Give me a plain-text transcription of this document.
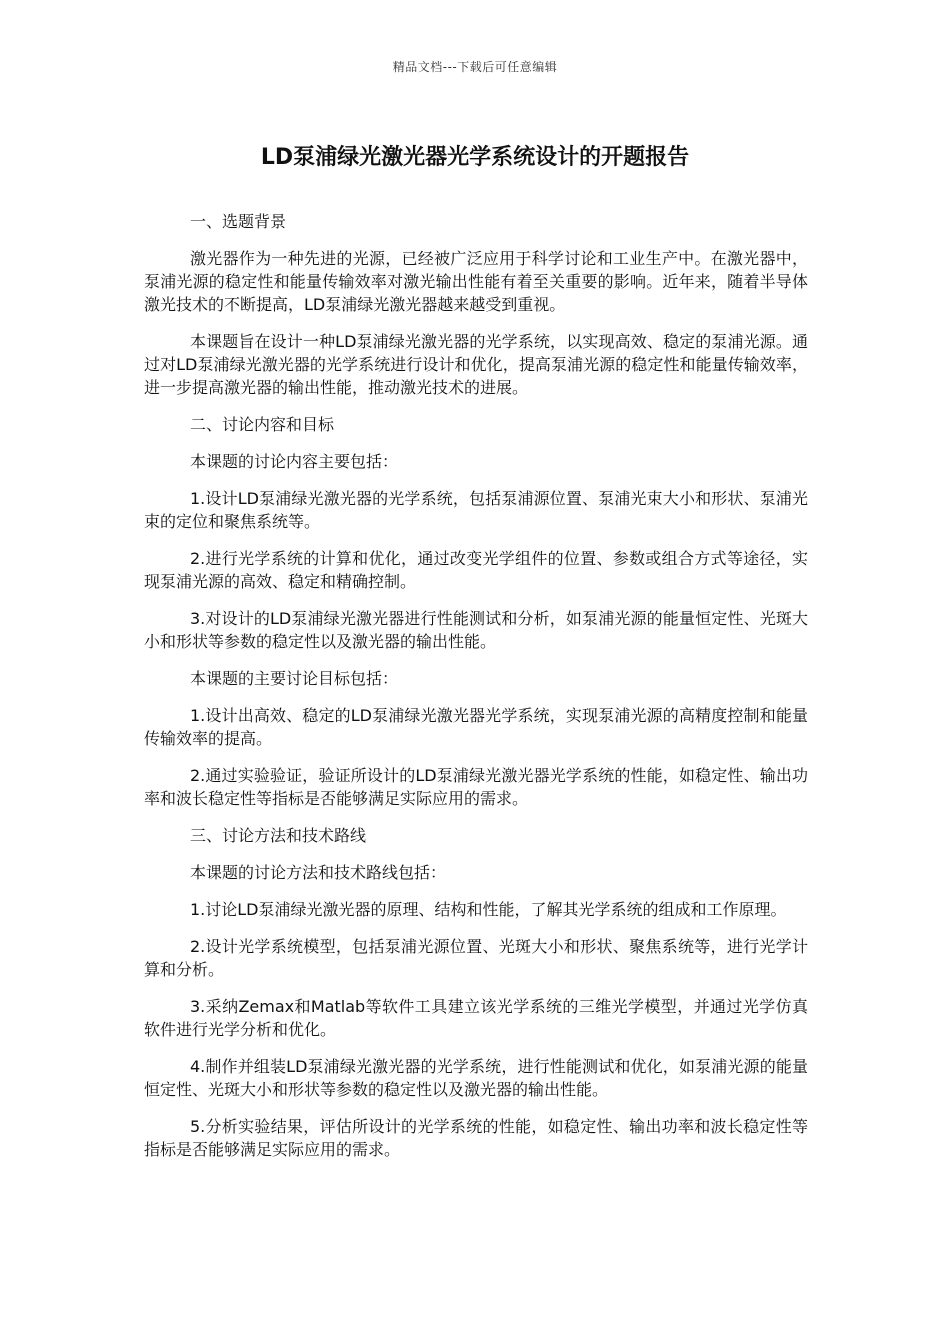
精品文档---下载后可任意编辑
LD泵浦绿光激光器光学系统设计的开题报告

一、选题背景

激光器作为一种先进的光源，已经被广泛应用于科学讨论和工业生产中。在激光器中，泵浦光源的稳定性和能量传输效率对激光输出性能有着至关重要的影响。近年来，随着半导体激光技术的不断提高，LD泵浦绿光激光器越来越受到重视。

本课题旨在设计一种LD泵浦绿光激光器的光学系统，以实现高效、稳定的泵浦光源。通过对LD泵浦绿光激光器的光学系统进行设计和优化，提高泵浦光源的稳定性和能量传输效率，进一步提高激光器的输出性能，推动激光技术的进展。

二、讨论内容和目标

本课题的讨论内容主要包括：

1.设计LD泵浦绿光激光器的光学系统，包括泵浦源位置、泵浦光束大小和形状、泵浦光束的定位和聚焦系统等。

2.进行光学系统的计算和优化，通过改变光学组件的位置、参数或组合方式等途径，实现泵浦光源的高效、稳定和精确控制。

3.对设计的LD泵浦绿光激光器进行性能测试和分析，如泵浦光源的能量恒定性、光斑大小和形状等参数的稳定性以及激光器的输出性能。

本课题的主要讨论目标包括：

1.设计出高效、稳定的LD泵浦绿光激光器光学系统，实现泵浦光源的高精度控制和能量传输效率的提高。

2.通过实验验证，验证所设计的LD泵浦绿光激光器光学系统的性能，如稳定性、输出功率和波长稳定性等指标是否能够满足实际应用的需求。

三、讨论方法和技术路线

本课题的讨论方法和技术路线包括：

1.讨论LD泵浦绿光激光器的原理、结构和性能，了解其光学系统的组成和工作原理。

2.设计光学系统模型，包括泵浦光源位置、光斑大小和形状、聚焦系统等，进行光学计算和分析。

3.采纳Zemax和Matlab等软件工具建立该光学系统的三维光学模型，并通过光学仿真软件进行光学分析和优化。

4.制作并组装LD泵浦绿光激光器的光学系统，进行性能测试和优化，如泵浦光源的能量恒定性、光斑大小和形状等参数的稳定性以及激光器的输出性能。

5.分析实验结果，评估所设计的光学系统的性能，如稳定性、输出功率和波长稳定性等指标是否能够满足实际应用的需求。
